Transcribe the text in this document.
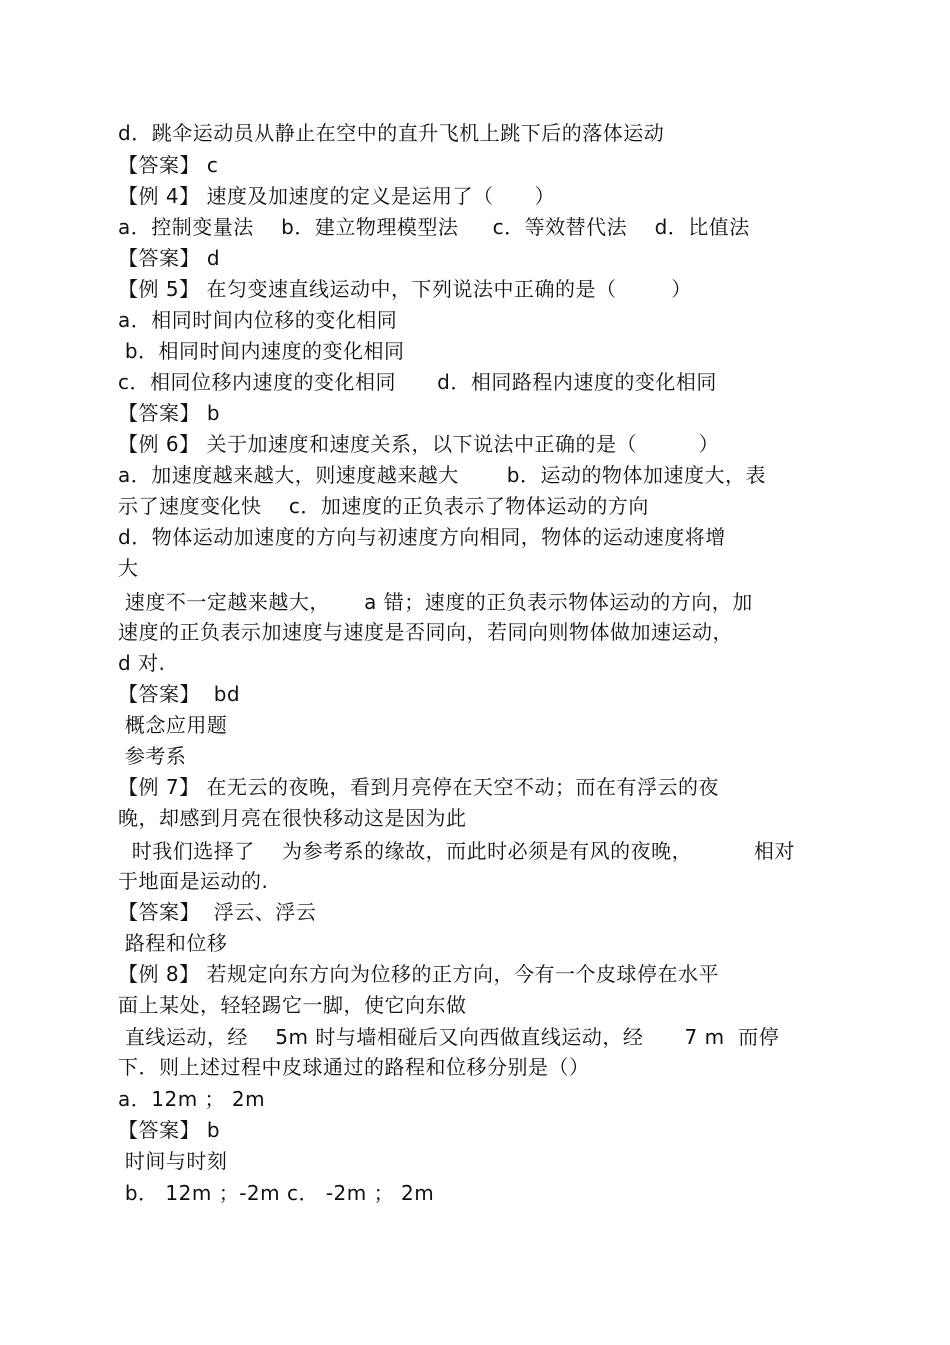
d．跳伞运动员从静止在空中的直升飞机上跳下后的落体运动
【答案】 c
【例 4】 速度及加速度的定义是运用了（      ）
a．控制变量法    b．建立物理模型法     c．等效替代法    d．比值法
【答案】 d
【例 5】 在匀变速直线运动中，下列说法中正确的是（        ）
a．相同时间内位移的变化相同
b．相同时间内速度的变化相同
c．相同位移内速度的变化相同      d．相同路程内速度的变化相同
【答案】 b
【例 6】 关于加速度和速度关系，以下说法中正确的是（         ）
a．加速度越来越大，则速度越来越大       b．运动的物体加速度大，表
示了速度变化快    c．加速度的正负表示了物体运动的方向
d．物体运动加速度的方向与初速度方向相同，物体的运动速度将增
大
速度不一定越来越大，     a 错；速度的正负表示物体运动的方向，加
速度的正负表示加速度与速度是否同向，若同向则物体做加速运动，
d 对.
【答案】  bd
概念应用题
参考系
【例 7】 在无云的夜晚，看到月亮停在天空不动；而在有浮云的夜
晚，却感到月亮在很快移动这是因为此
时我们选择了    为参考系的缘故，而此时必须是有风的夜晚，         相对
于地面是运动的.
【答案】  浮云、浮云
路程和位移
【例 8】 若规定向东方向为位移的正方向，今有一个皮球停在水平
面上某处，轻轻踢它一脚，使它向东做
直线运动，经    5m 时与墙相碰后又向西做直线运动，经      7 m  而停
下．则上述过程中皮球通过的路程和位移分别是（）
a．12m ； 2m
【答案】 b
时间与时刻
b． 12m ；-2m c． -2m ； 2m
